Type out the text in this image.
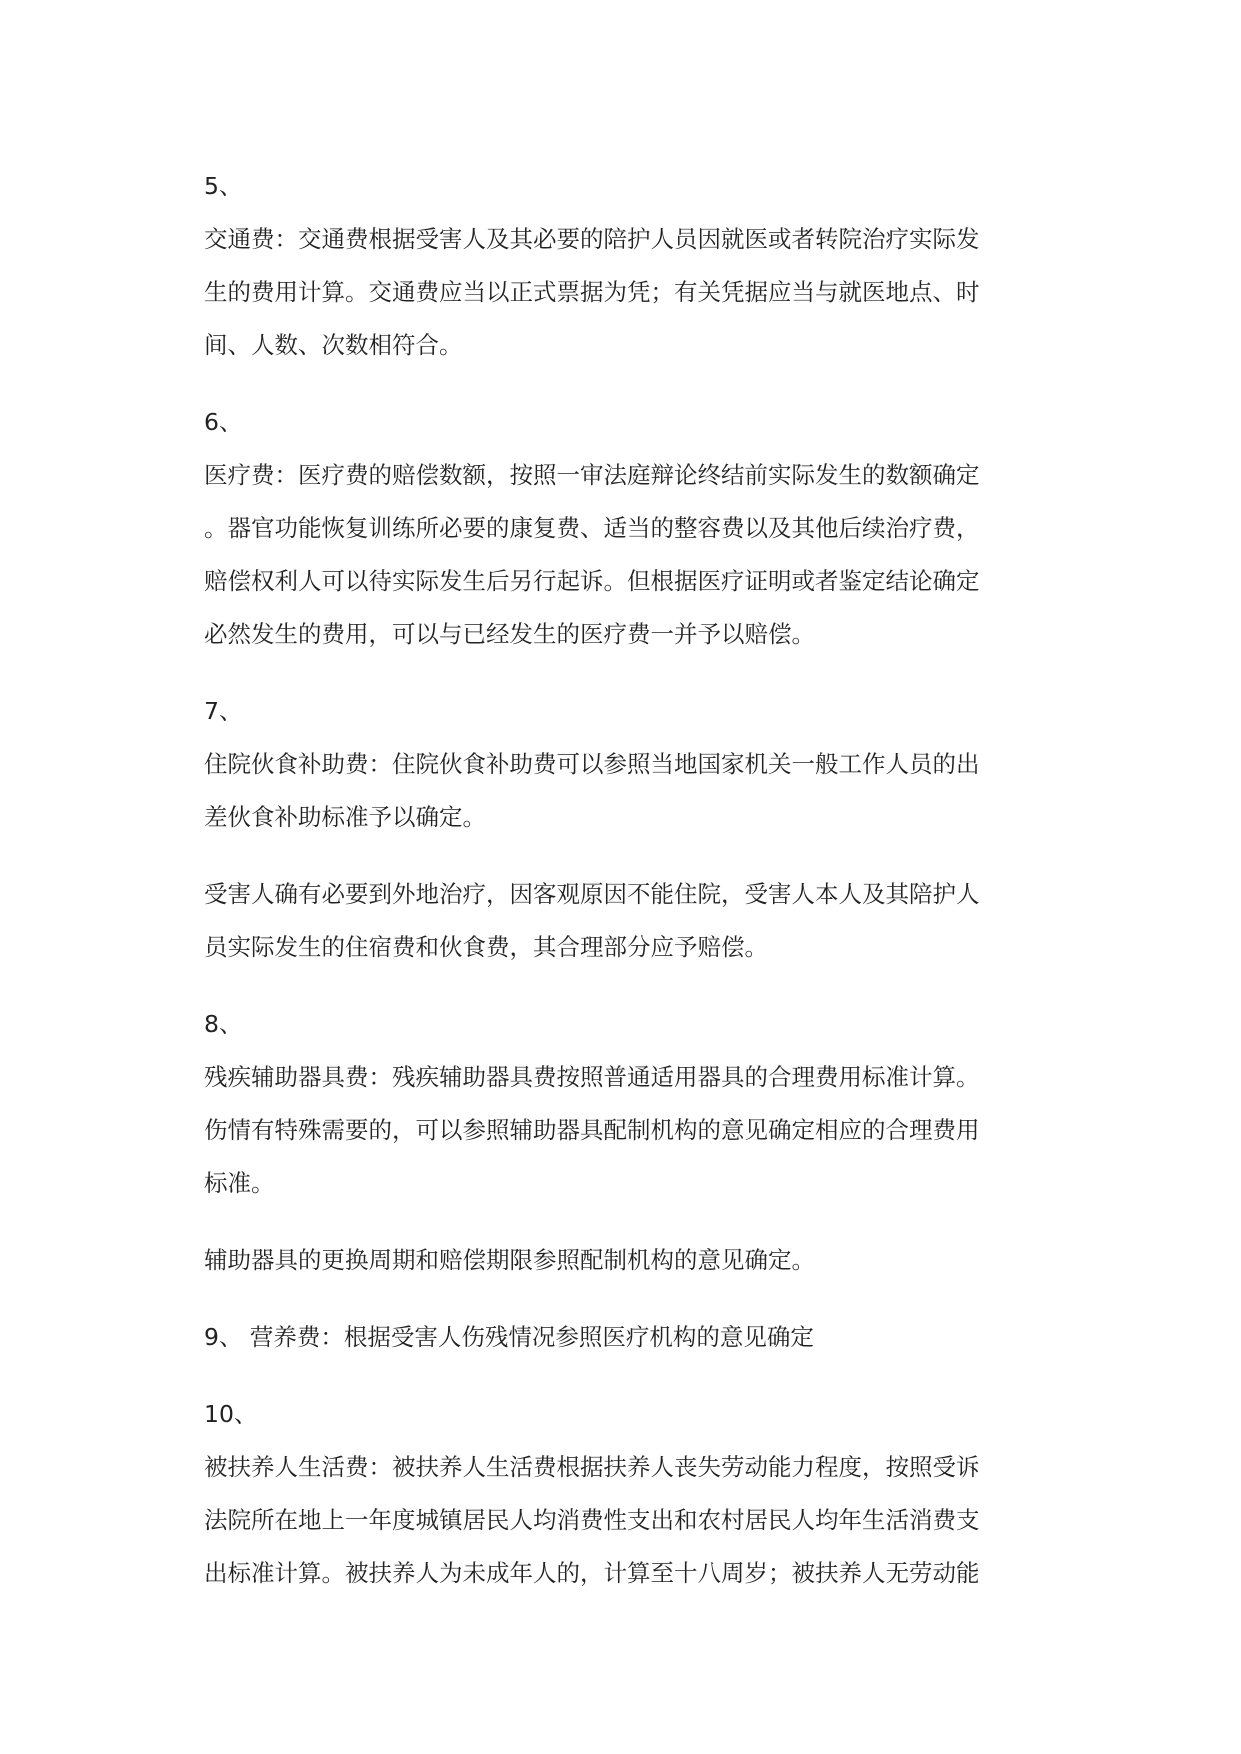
5、

交通费：交通费根据受害人及其必要的陪护人员因就医或者转院治疗实际发

生的费用计算。交通费应当以正式票据为凭；有关凭据应当与就医地点、时

间、人数、次数相符合。

6、

医疗费：医疗费的赔偿数额，按照一审法庭辩论终结前实际发生的数额确定

。器官功能恢复训练所必要的康复费、适当的整容费以及其他后续治疗费，

赔偿权利人可以待实际发生后另行起诉。但根据医疗证明或者鉴定结论确定

必然发生的费用，可以与已经发生的医疗费一并予以赔偿。

7、

住院伙食补助费：住院伙食补助费可以参照当地国家机关一般工作人员的出

差伙食补助标准予以确定。

受害人确有必要到外地治疗，因客观原因不能住院，受害人本人及其陪护人

员实际发生的住宿费和伙食费，其合理部分应予赔偿。

8、

残疾辅助器具费：残疾辅助器具费按照普通适用器具的合理费用标准计算。

伤情有特殊需要的，可以参照辅助器具配制机构的意见确定相应的合理费用

标准。

辅助器具的更换周期和赔偿期限参照配制机构的意见确定。

9、 营养费：根据受害人伤残情况参照医疗机构的意见确定

10、

被扶养人生活费：被扶养人生活费根据扶养人丧失劳动能力程度，按照受诉

法院所在地上一年度城镇居民人均消费性支出和农村居民人均年生活消费支

出标准计算。被扶养人为未成年人的，计算至十八周岁；被扶养人无劳动能
